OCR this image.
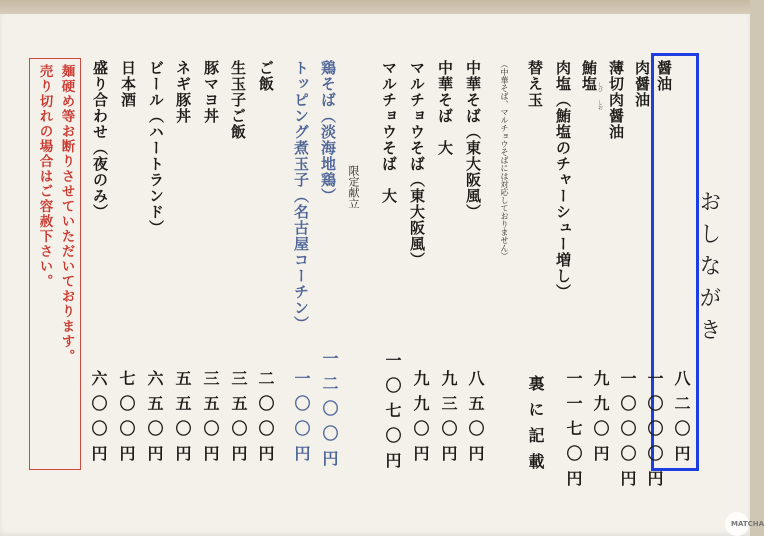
おしながき

醤油

八二〇円

肉醤油

一〇〇〇円

薄切肉醤油

一〇〇〇円

鮪塩 しび
しお

九九〇円

肉塩（鮪塩のチャーシュー増し）

一一七〇円

替え玉

裏に記載

（中華そば、マルチョウそばには対応しておりません）

中華そば（東大阪風）

八五〇円

中華そば　大

九三〇円

マルチョウそば（東大阪風）

九九〇円

マルチョウそば　大

一〇七〇円

限定献立

鶏そば（淡海地鶏）

一二〇〇円

トッピング煮玉子（名古屋コーチン）

一〇〇円

ご飯

二〇〇円

生玉子ご飯

三五〇円

豚マヨ丼

三五〇円

ネギ豚丼

五五〇円

ビール（ハートランド）

六五〇円

日本酒

七〇〇円

盛り合わせ（夜のみ）

六〇〇円

麺硬め等お断りさせていただいております。

売り切れの場合はご容赦下さい。

MATCHA
